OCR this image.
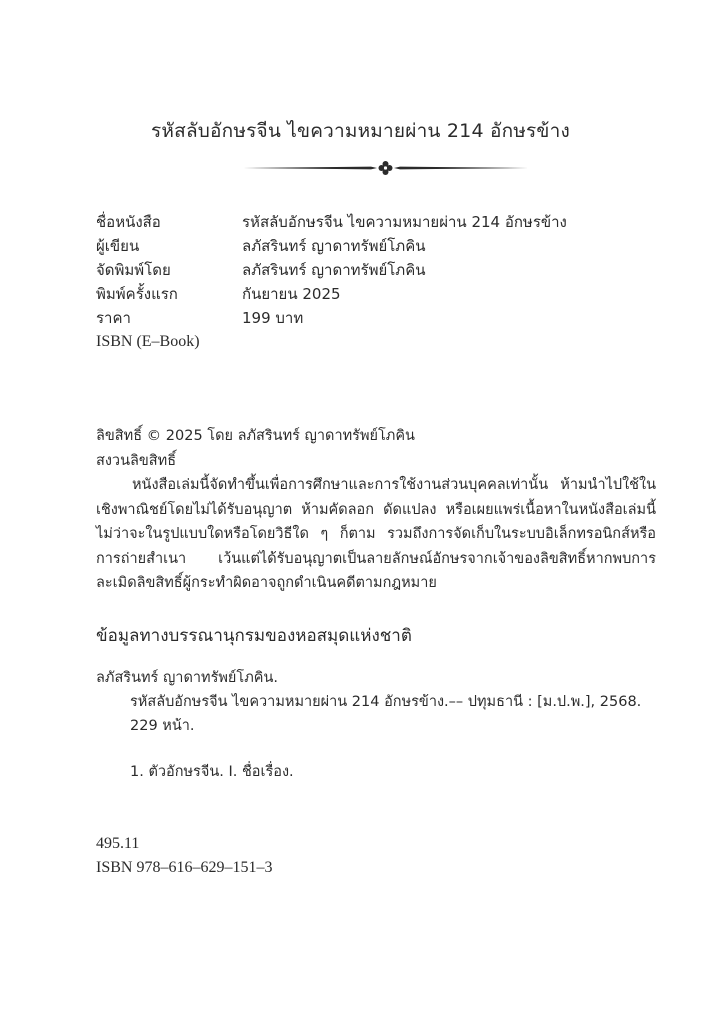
รหัสลับอักษรจีน ไขความหมายผ่าน 214 อักษรข้าง
ชื่อหนังสือ	รหัสลับอักษรจีน ไขความหมายผ่าน 214 อักษรข้าง
ผู้เขียน	ลภัสรินทร์ ญาดาทรัพย์โภคิน
จัดพิมพ์โดย	ลภัสรินทร์ ญาดาทรัพย์โภคิน
พิมพ์ครั้งแรก	กันยายน 2025
ราคา	199 บาท
ISBN (E–Book)
ลิขสิทธิ์ © 2025 โดย ลภัสรินทร์ ญาดาทรัพย์โภคิน
สงวนลิขสิทธิ์
หนังสือเล่มนี้จัดทำขึ้นเพื่อการศึกษาและการใช้งานส่วนบุคคลเท่านั้น ห้ามนำไปใช้ในเชิงพาณิชย์โดยไม่ได้รับอนุญาต ห้ามคัดลอก ดัดแปลง หรือเผยแพร่เนื้อหาในหนังสือเล่มนี้ ไม่ว่าจะในรูปแบบใดหรือโดยวิธีใด ๆ ก็ตาม รวมถึงการจัดเก็บในระบบอิเล็กทรอนิกส์หรือการถ่ายสำเนา เว้นแต่ได้รับอนุญาตเป็นลายลักษณ์อักษรจากเจ้าของลิขสิทธิ์หากพบการละเมิดลิขสิทธิ์ผู้กระทำผิดอาจถูกดำเนินคดีตามกฎหมาย
ข้อมูลทางบรรณานุกรมของหอสมุดแห่งชาติ
ลภัสรินทร์ ญาดาทรัพย์โภคิน.
รหัสลับอักษรจีน ไขความหมายผ่าน 214 อักษรข้าง.–– ปทุมธานี : [ม.ป.พ.], 2568.
229 หน้า.
1. ตัวอักษรจีน. I. ชื่อเรื่อง.
495.11
ISBN 978–616–629–151–3
